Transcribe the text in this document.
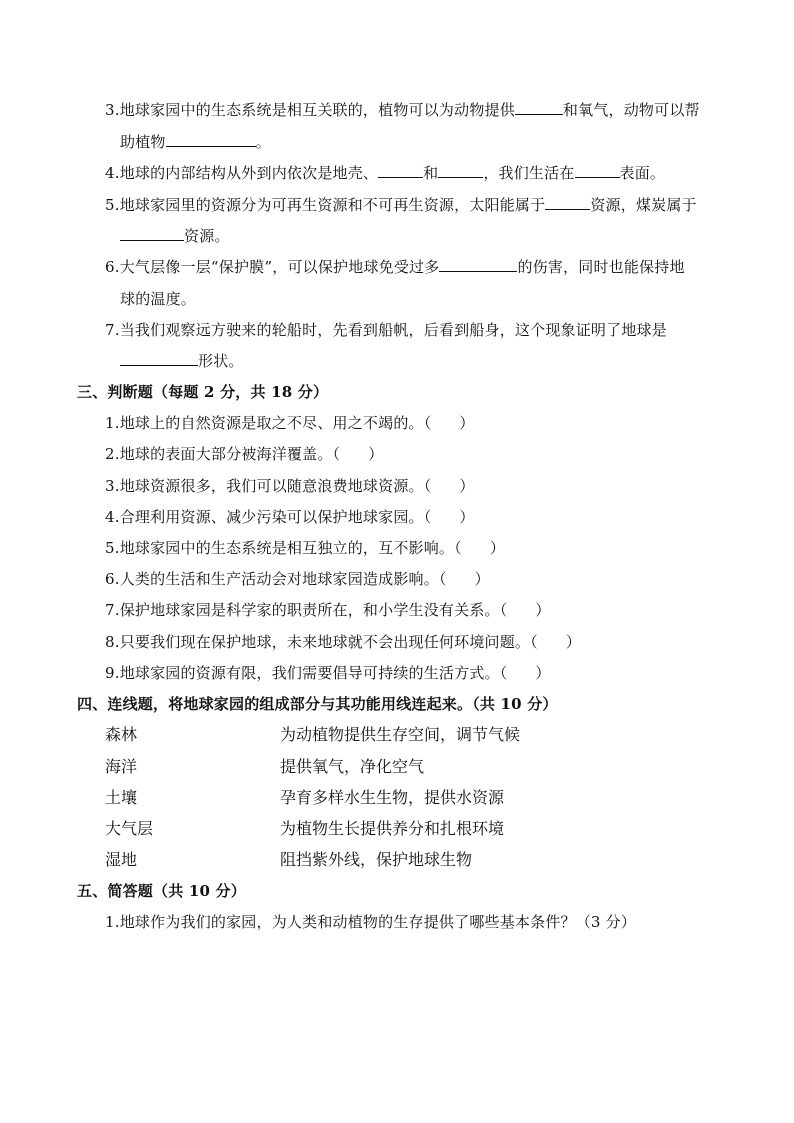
3.地球家园中的生态系统是相互关联的，植物可以为动物提供	和氧气，动物可以帮
助植物	。
4.地球的内部结构从外到内依次是地壳、	和	，我们生活在	表面。
5.地球家园里的资源分为可再生资源和不可再生资源，太阳能属于	资源，煤炭属于
资源。
6.大气层像一层“保护膜”，可以保护地球免受过多	的伤害，同时也能保持地
球的温度。
7.当我们观察远方驶来的轮船时，先看到船帆，后看到船身，这个现象证明了地球是
形状。
三、判断题（每题 2 分，共 18 分）
1.地球上的自然资源是取之不尽、用之不竭的。（ ）
2.地球的表面大部分被海洋覆盖。（ ）
3.地球资源很多，我们可以随意浪费地球资源。（ ）
4.合理利用资源、减少污染可以保护地球家园。（ ）
5.地球家园中的生态系统是相互独立的，互不影响。（ ）
6.人类的生活和生产活动会对地球家园造成影响。（ ）
7.保护地球家园是科学家的职责所在，和小学生没有关系。（ ）
8.只要我们现在保护地球，未来地球就不会出现任何环境问题。（ ）
9.地球家园的资源有限，我们需要倡导可持续的生活方式。（ ）
四、连线题，将地球家园的组成部分与其功能用线连起来。（共 10 分）
森林	为动植物提供生存空间，调节气候
海洋	提供氧气，净化空气
土壤	孕育多样水生生物，提供水资源
大气层	为植物生长提供养分和扎根环境
湿地	阻挡紫外线，保护地球生物
五、简答题（共 10 分）
1.地球作为我们的家园，为人类和动植物的生存提供了哪些基本条件？（3 分）
